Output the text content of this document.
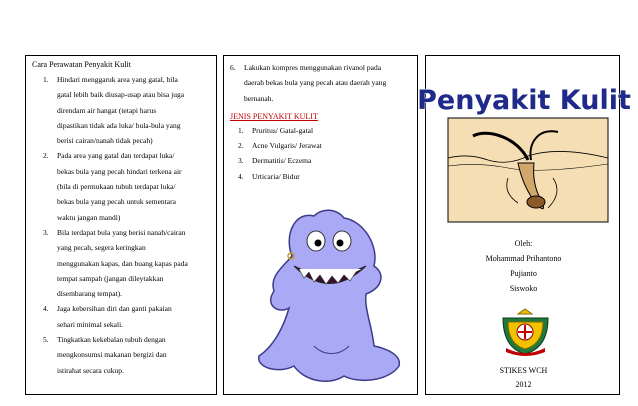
Cara Perawatan Penyakit Kulit
1.	Hindari menggaruk area yang gatal, bila
gatal lebih baik diusap-usap atau bisa juga
direndam air hangat (tetapi harus
dipastikan tidak ada luka/ bula-bula yang
berisi cairan/nanah tidak pecah)
2.	Pada area yang gatal dan terdapat luka/
bekas bula yang pecah hindari terkena air
(bila di permukaan tubuh terdapat luka/
bekas bula yang pecah untuk sementara
waktu jangan mandi)
3.	Bila terdapat bula yang berisi nanah/cairan
yang pecah, segera keringkan
menggunakan kapas, dan buang kapas pada
tempat sampah (jangan dileytakkan
disembarang tempat).
4.	Jaga kebersihan diri dan ganti pakaian
sehari minimal sekali.
5.	Tingkatkan kekebalan tubuh dengan
mengkonsumsi makanan bergizi dan
istirahat secara cukup.
6.	Lakukan kompres menggunakan rivanol pada
daerah bekas bula yang pecah atau daerah yang
bernanah.
JENIS PENYAKIT KULIT
1.	Pruritus/ Gatal-gatal
2.	Acne Vulgaris/ Jerawat
3.	Dermatitis/ Eczema
4.	Urticaria/ Bidur
Penyakit Kulit
Oleh:
Mohammad Prihantono
Pujianto
Siswoko
STIKES WCH
2012
